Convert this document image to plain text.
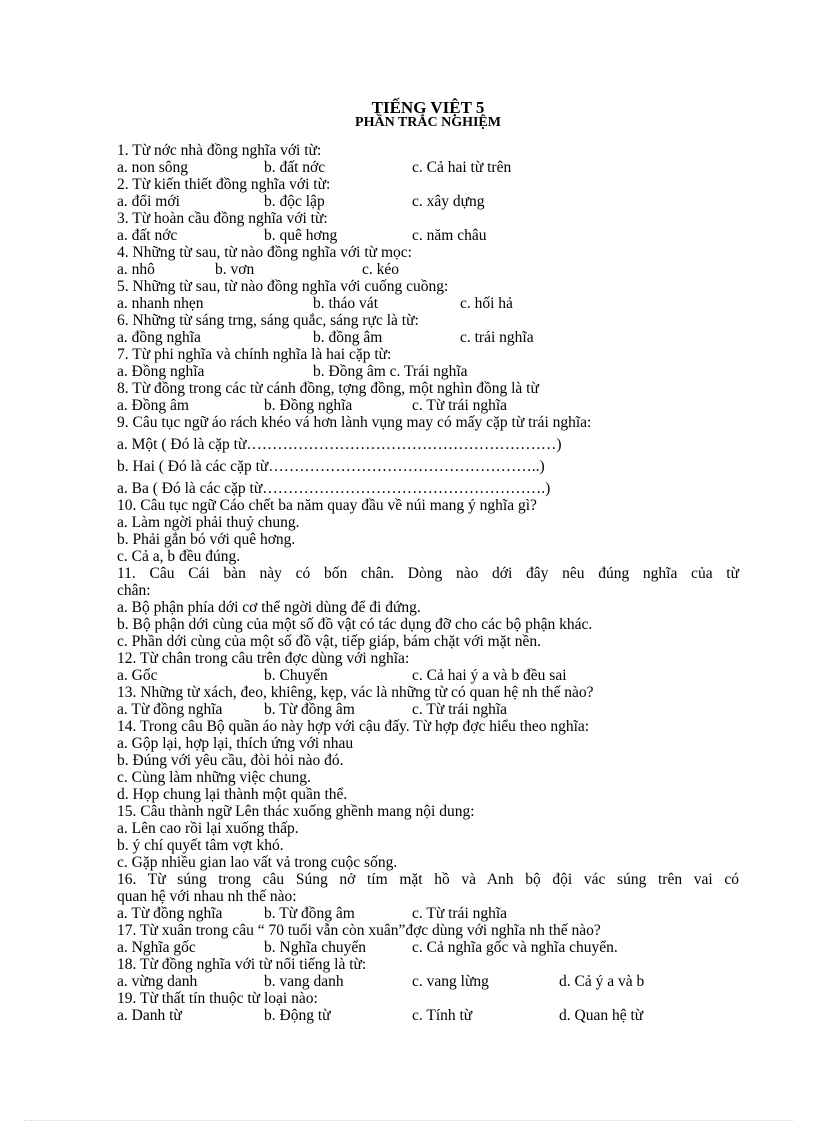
TIẾNG VIỆT 5
PHẦN TRẮC NGHIỆM
1. Từ nớc nhà đồng nghĩa với từ:
a. non sông	b. đất nớc	c. Cả hai từ trên
2. Từ kiến thiết đồng nghĩa với từ:
a. đổi mới	b. độc lập	c. xây dựng
3. Từ hoàn cầu đồng nghĩa với từ:
a. đất nớc	b. quê hơng	c. năm châu
4. Những từ sau, từ nào đồng nghĩa với từ mọc:
a. nhô	b. vơn	c. kéo
5. Những từ sau, từ nào đồng nghĩa với cuống cuồng:
a. nhanh nhẹn	b. tháo vát	c. hối hả
6. Những từ sáng trng, sáng quắc, sáng rực là từ:
a. đồng nghĩa	b. đồng âm	c. trái nghĩa
7. Từ phi nghĩa và chính nghĩa là hai cặp từ:
a. Đồng nghĩa	b. Đồng âm c. Trái nghĩa
8. Từ đồng trong các từ cánh đồng, tợng đồng, một nghìn đồng là từ
a. Đồng âm	b. Đồng nghĩa	c. Từ trái nghĩa
9. Câu tục ngữ áo rách khéo vá hơn lành vụng may có mấy cặp từ trái nghĩa:
a. Một ( Đó là cặp từ……………………………………………………)
b. Hai ( Đó là các cặp từ……………………………………………..)
a. Ba ( Đó là các cặp từ……………………………………………….)
10. Câu tục ngữ Cáo chết ba năm quay đầu về núi mang ý nghĩa gì?
a. Làm ngời phải thuỷ chung.
b. Phải gắn bó với quê hơng.
c. Cả a, b đều đúng.
11. Câu Cái bàn này có bốn chân. Dòng nào dới đây nêu đúng nghĩa của từ
chân:
a. Bộ phận phía dới cơ thể ngời dùng để đi đứng.
b. Bộ phận dới cùng của một số đồ vật có tác dụng đỡ cho các bộ phận khác.
c. Phần dới cùng của một số đồ vật, tiếp giáp, bám chặt với mặt nền.
12. Từ chân trong câu trên đợc dùng với nghĩa:
a. Gốc	b. Chuyển	c. Cả hai ý a và b đều sai
13. Những từ xách, đeo, khiêng, kẹp, vác là những từ có quan hệ nh thế nào?
a. Từ đồng nghĩa	b. Từ đồng âm	c. Từ trái nghĩa
14. Trong câu Bộ quần áo này hợp với cậu đấy. Từ hợp đợc hiểu theo nghĩa:
a. Gộp lại, hợp lại, thích ứng với nhau
b. Đúng với yêu cầu, đòi hỏi nào đó.
c. Cùng làm những việc chung.
d. Họp chung lại thành một quần thể.
15. Câu thành ngữ Lên thác xuống ghềnh mang nội dung:
a. Lên cao rồi lại xuống thấp.
b. ý chí quyết tâm vợt khó.
c. Gặp nhiều gian lao vất vả trong cuộc sống.
16. Từ súng trong câu Súng nở tím mặt hồ và Anh bộ đội vác súng trên vai có
quan hệ với nhau nh thế nào:
a. Từ đồng nghĩa	b. Từ đồng âm	c. Từ trái nghĩa
17. Từ xuân trong câu “ 70 tuổi vẫn còn xuân”đợc dùng với nghĩa nh thế nào?
a. Nghĩa gốc	b. Nghĩa chuyển	c. Cả nghĩa gốc và nghĩa chuyển.
18. Từ đồng nghĩa với từ nổi tiếng là từ:
a. vừng danh	b. vang danh	c. vang lừng	d. Cả ý a và b
19. Từ thất tín thuộc từ loại nào:
a. Danh từ	b. Động từ	c. Tính từ	d. Quan hệ từ
